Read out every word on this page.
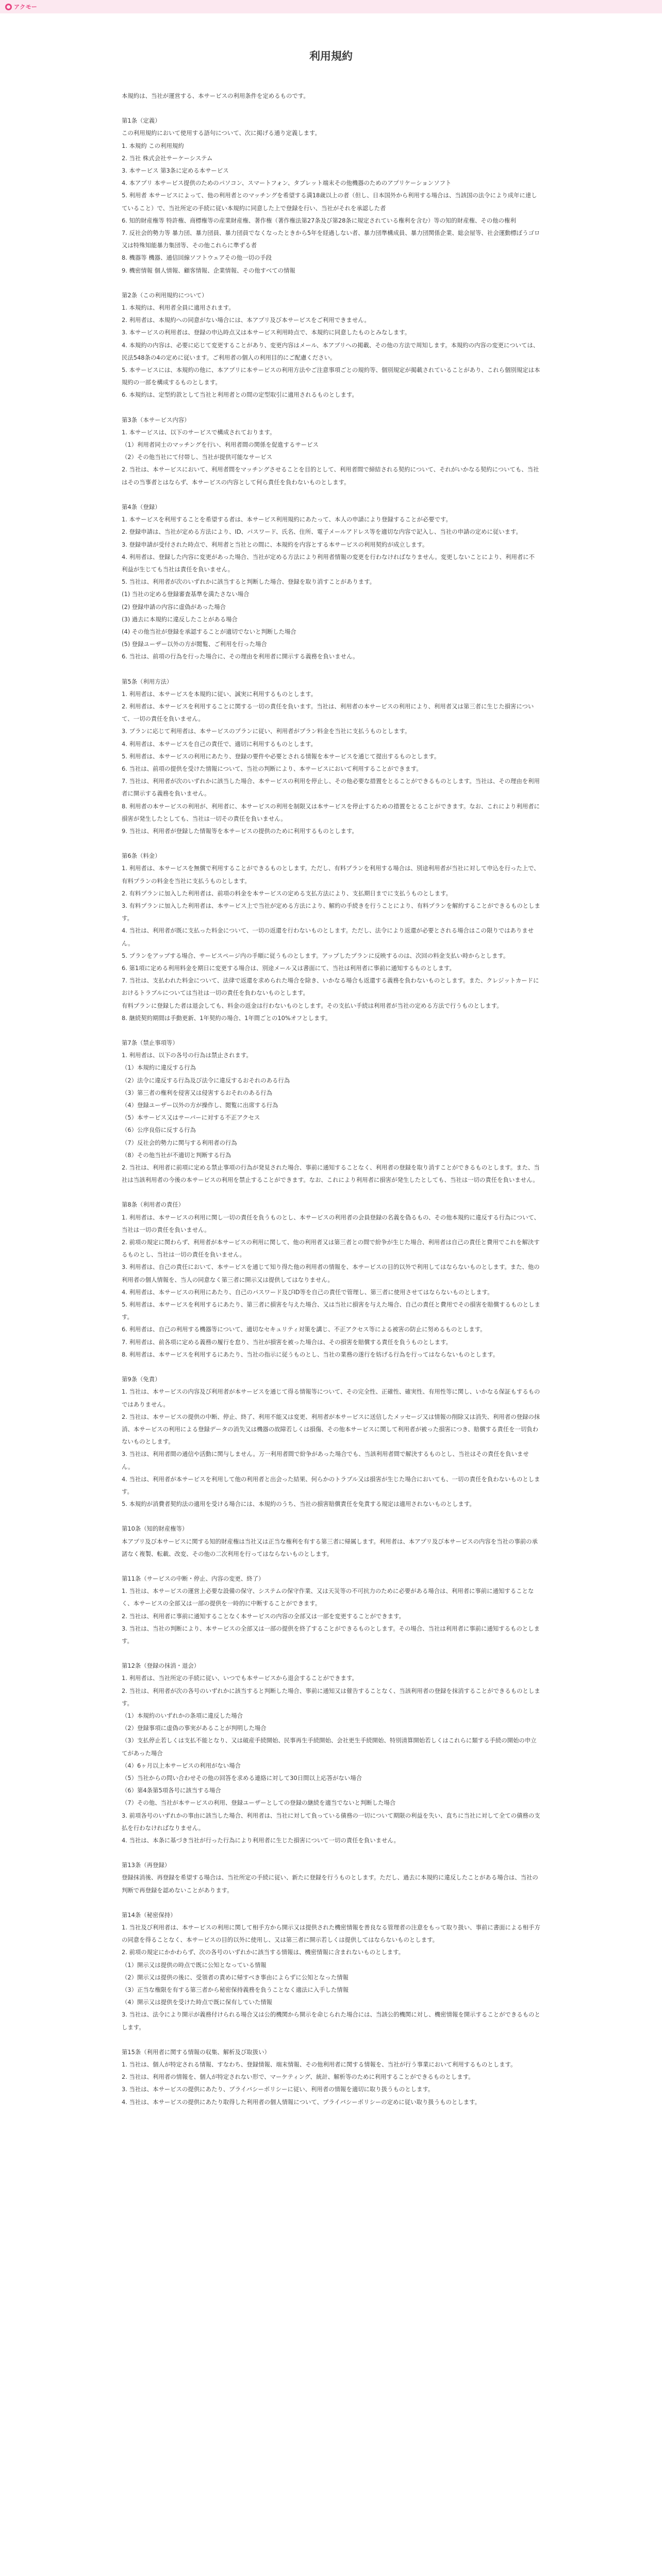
アクモー
利用規約

本規約は、当社が運営する、本サービスの利用条件を定めるものです。

第1条（定義）

この利用規約において使用する語句について、次に掲げる通り定義します。

1. 本規約 この利用規約

2. 当社 株式会社サーケーシステム

3. 本サービス 第3条に定める本サービス

4. 本アプリ 本サービス提供のためのパソコン、スマートフォン、タブレット端末その他機器のためのアプリケーションソフト

5. 利用者 本サービスによって、他の利用者とのマッチングを希望する満18歳以上の者（但し、日本国外から利用する場合は、当該国の法令により成年に達していること）で、当社所定の手続に従い本規約に同意した上で登録を行い、当社がそれを承認した者

6. 知的財産権等 特許権、商標権等の産業財産権、著作権（著作権法第27条及び第28条に規定されている権利を含む）等の知的財産権、その他の権利

7. 反社会的勢力等 暴力団、暴力団員、暴力団員でなくなったときから5年を経過しない者、暴力団準構成員、暴力団関係企業、総会屋等、社会運動標ぼうゴロ又は特殊知能暴力集団等、その他これらに準ずる者

8. 機器等 機器、通信回線ソフトウェアその他一切の手段

9. 機密情報 個人情報、顧客情報、企業情報、その他すべての情報

第2条（この利用規約について）

1. 本規約は、利用者全員に適用されます。

2. 利用者は、本規約への同意がない場合には、本アプリ及び本サービスをご利用できません。

3. 本サービスの利用者は、登録の申込時点又は本サービス利用時点で、本規約に同意したものとみなします。

4. 本規約の内容は、必要に応じて変更することがあり、変更内容はメール、本アプリへの掲載、その他の方法で周知します。本規約の内容の変更については、民法548条の4の定めに従います。ご利用者の個人の利用目的にご配慮ください。

5. 本サービスには、本規約の他に、本アプリに本サービスの利用方法やご注意事項ごとの規約等、個別規定が掲載されていることがあり、これら個別規定は本規約の一部を構成するものとします。

6. 本規約は、定型約款として当社と利用者との間の定型取引に適用されるものとします。

第3条（本サービス内容）

1. 本サービスは、以下のサービスで構成されております。

（1）利用者同士のマッチングを行い、利用者間の関係を促進するサービス

（2）その他当社にて付帯し、当社が提供可能なサービス

2. 当社は、本サービスにおいて、利用者間をマッチングさせることを目的として、利用者間で締結される契約について、それがいかなる契約についても、当社はその当事者とはならず、本サービスの内容として何ら責任を負わないものとします。

第4条（登録）

1. 本サービスを利用することを希望する者は、本サービス利用規約にあたって、本人の申請により登録することが必要です。

2. 登録申請は、当社が定める方法により、ID、パスワード、氏名、住所、電子メールアドレス等を適切な内容で記入し、当社の申請の定めに従います。

3. 登録申請が受付された時点で、利用者と当社との間に、本規約を内容とする本サービスの利用契約が成立します。

4. 利用者は、登録した内容に変更があった場合、当社が定める方法により利用者情報の変更を行わなければなりません。変更しないことにより、利用者に不利益が生じても当社は責任を負いません。

5. 当社は、利用者が次のいずれかに該当すると判断した場合、登録を取り消すことがあります。

(1) 当社の定める登録審査基準を満たさない場合

(2) 登録申請の内容に虚偽があった場合

(3) 過去に本規約に違反したことがある場合

(4) その他当社が登録を承認することが適切でないと判断した場合

(5) 登録ユーザー以外の方が閲覧、ご利用を行った場合

6. 当社は、前項の行為を行った場合に、その理由を利用者に開示する義務を負いません。

第5条（利用方法）

1. 利用者は、本サービスを本規約に従い、誠実に利用するものとします。

2. 利用者は、本サービスを利用することに関する一切の責任を負います。当社は、利用者の本サービスの利用により、利用者又は第三者に生じた損害について、一切の責任を負いません。

3. プランに応じて利用者は、本サービスのプランに従い、利用者がプラン料金を当社に支払うものとします。

4. 利用者は、本サービスを自己の責任で、適切に利用するものとします。

5. 利用者は、本サービスの利用にあたり、登録の要件や必要とされる情報を本サービスを通じて提出するものとします。

6. 当社は、前項の提供を受けた情報について、当社の判断により、本サービスにおいて利用することができます。

7. 当社は、利用者が次のいずれかに該当した場合、本サービスの利用を停止し、その他必要な措置をとることができるものとします。当社は、その理由を利用者に開示する義務を負いません。

8. 利用者の本サービスの利用が、利用者に、本サービスの利用を制限又は本サービスを停止するための措置をとることができます。なお、これにより利用者に損害が発生したとしても、当社は一切その責任を負いません。

9. 当社は、利用者が登録した情報等を本サービスの提供のために利用するものとします。

第6条（料金）

1. 利用者は、本サービスを無償で利用することができるものとします。ただし、有料プランを利用する場合は、別途利用者が当社に対して申込を行った上で、有料プランの料金を当社に支払うものとします。

2. 有料プランに加入した利用者は、前項の料金を本サービスの定める支払方法により、支払期日までに支払うものとします。

3. 有料プランに加入した利用者は、本サービス上で当社が定める方法により、解約の手続きを行うことにより、有料プランを解約することができるものとします。

4. 当社は、利用者が既に支払った料金について、一切の返還を行わないものとします。ただし、法令により返還が必要とされる場合はこの限りではありません。

5. プランをアップする場合、サービスページ内の手順に従うものとします。アップしたプランに反映するのは、次回の料金支払い時からとします。

6. 第1項に定める利用料金を期日に変更する場合は、別途メール又は書面にて、当社は利用者に事前に通知するものとします。

7. 当社は、支払われた料金について、法律で返還を求められた場合を除き、いかなる場合も返還する義務を負わないものとします。また、クレジットカードにおけるトラブルについては当社は一切の責任を負わないものとします。

有料プランに登録した者は退会しても、料金の返金は行わないものとします。その支払い手続は利用者が当社の定める方法で行うものとします。

8. 継続契約期間は手動更新、1年契約の場合、1年間ごとの10%オフとします。

第7条（禁止事項等）

1. 利用者は、以下の各号の行為は禁止されます。

（1）本規約に違反する行為

（2）法令に違反する行為及び法令に違反するおそれのある行為

（3）第三者の権利を侵害又は侵害するおそれのある行為

（4）登録ユーザー以外の方が操作し、閲覧に出席する行為

（5）本サービス又はサーバーに対する不正アクセス

（6）公序良俗に反する行為

（7）反社会的勢力に関与する利用者の行為

（8）その他当社が不適切と判断する行為

2. 当社は、利用者に前項に定める禁止事項の行為が発見された場合、事前に通知することなく、利用者の登録を取り消すことができるものとします。また、当社は当該利用者の今後の本サービスの利用を禁止することができます。なお、これにより利用者に損害が発生したとしても、当社は一切の責任を負いません。

第8条（利用者の責任）

1. 利用者は、本サービスの利用に関し一切の責任を負うものとし、本サービスの利用者の会員登録の名義を偽るもの、その他本規約に違反する行為について、当社は一切の責任を負いません。

2. 前項の規定に関わらず、利用者が本サービスの利用に関して、他の利用者又は第三者との間で紛争が生じた場合、利用者は自己の責任と費用でこれを解決するものとし、当社は一切の責任を負いません。

3. 利用者は、自己の責任において、本サービスを通じて知り得た他の利用者の情報を、本サービスの目的以外で利用してはならないものとします。また、他の利用者の個人情報を、当人の同意なく第三者に開示又は提供してはなりません。

4. 利用者は、本サービスの利用にあたり、自己のパスワード及びID等を自己の責任で管理し、第三者に使用させてはならないものとします。

5. 利用者は、本サービスを利用するにあたり、第三者に損害を与えた場合、又は当社に損害を与えた場合、自己の責任と費用でその損害を賠償するものとします。

6. 利用者は、自己の利用する機器等について、適切なセキュリティ対策を講じ、不正アクセス等による被害の防止に努めるものとします。

7. 利用者は、前各項に定める義務の履行を怠り、当社が損害を被った場合は、その損害を賠償する責任を負うものとします。

8. 利用者は、本サービスを利用するにあたり、当社の指示に従うものとし、当社の業務の遂行を妨げる行為を行ってはならないものとします。

第9条（免責）

1. 当社は、本サービスの内容及び利用者が本サービスを通じて得る情報等について、その完全性、正確性、確実性、有用性等に関し、いかなる保証もするものではありません。

2. 当社は、本サービスの提供の中断、停止、終了、利用不能又は変更、利用者が本サービスに送信したメッセージ又は情報の削除又は消失、利用者の登録の抹消、本サービスの利用による登録データの消失又は機器の故障若しくは損傷、その他本サービスに関して利用者が被った損害につき、賠償する責任を一切負わないものとします。

3. 当社は、利用者間の通信や活動に関与しません。万一利用者間で紛争があった場合でも、当該利用者間で解決するものとし、当社はその責任を負いません。

4. 当社は、利用者が本サービスを利用して他の利用者と出会った結果、何らかのトラブル又は損害が生じた場合においても、一切の責任を負わないものとします。

5. 本規約が消費者契約法の適用を受ける場合には、本規約のうち、当社の損害賠償責任を免責する規定は適用されないものとします。

第10条（知的財産権等）

本アプリ及び本サービスに関する知的財産権は当社又は正当な権利を有する第三者に帰属します。利用者は、本アプリ及び本サービスの内容を当社の事前の承諾なく複製、転載、改変、その他の二次利用を行ってはならないものとします。

第11条（サービスの中断・停止、内容の変更、終了）

1. 当社は、本サービスの運営上必要な設備の保守、システムの保守作業、又は天災等の不可抗力のために必要がある場合は、利用者に事前に通知することなく、本サービスの全部又は一部の提供を一時的に中断することができます。

2. 当社は、利用者に事前に通知することなく本サービスの内容の全部又は一部を変更することができます。

3. 当社は、当社の判断により、本サービスの全部又は一部の提供を終了することができるものとします。その場合、当社は利用者に事前に通知するものとします。

第12条（登録の抹消・退会）

1. 利用者は、当社所定の手続に従い、いつでも本サービスから退会することができます。

2. 当社は、利用者が次の各号のいずれかに該当すると判断した場合、事前に通知又は催告することなく、当該利用者の登録を抹消することができるものとします。

（1）本規約のいずれかの条項に違反した場合

（2）登録事項に虚偽の事実があることが判明した場合

（3）支払停止若しくは支払不能となり、又は破産手続開始、民事再生手続開始、会社更生手続開始、特別清算開始若しくはこれらに類する手続の開始の申立てがあった場合

（4）6ヶ月以上本サービスの利用がない場合

（5）当社からの問い合わせその他の回答を求める連絡に対して30日間以上応答がない場合

（6）第4条第5項各号に該当する場合

（7）その他、当社が本サービスの利用、登録ユーザーとしての登録の継続を適当でないと判断した場合

3. 前項各号のいずれかの事由に該当した場合、利用者は、当社に対して負っている債務の一切について期限の利益を失い、直ちに当社に対して全ての債務の支払を行わなければなりません。

4. 当社は、本条に基づき当社が行った行為により利用者に生じた損害について一切の責任を負いません。

第13条（再登録）

登録抹消後、再登録を希望する場合は、当社所定の手続に従い、新たに登録を行うものとします。ただし、過去に本規約に違反したことがある場合は、当社の判断で再登録を認めないことがあります。

第14条（秘密保持）

1. 当社及び利用者は、本サービスの利用に関して相手方から開示又は提供された機密情報を善良なる管理者の注意をもって取り扱い、事前に書面による相手方の同意を得ることなく、本サービスの目的以外に使用し、又は第三者に開示若しくは提供してはならないものとします。

2. 前項の規定にかかわらず、次の各号のいずれかに該当する情報は、機密情報に含まれないものとします。

（1）開示又は提供の時点で既に公知となっている情報

（2）開示又は提供の後に、受領者の責めに帰すべき事由によらずに公知となった情報

（3）正当な権限を有する第三者から秘密保持義務を負うことなく適法に入手した情報

（4）開示又は提供を受けた時点で既に保有していた情報

3. 当社は、法令により開示が義務付けられる場合又は公的機関から開示を命じられた場合には、当該公的機関に対し、機密情報を開示することができるものとします。

第15条（利用者に関する情報の収集、解析及び取扱い）

1. 当社は、個人が特定される情報、すなわち、登録情報、端末情報、その他利用者に関する情報を、当社が行う事業において利用するものとします。

2. 当社は、利用者の情報を、個人が特定されない形で、マーケティング、統計、解析等のために利用することができるものとします。

3. 当社は、本サービスの提供にあたり、プライバシーポリシーに従い、利用者の情報を適切に取り扱うものとします。

4. 当社は、本サービスの提供にあたり取得した利用者の個人情報について、プライバシーポリシーの定めに従い取り扱うものとします。
